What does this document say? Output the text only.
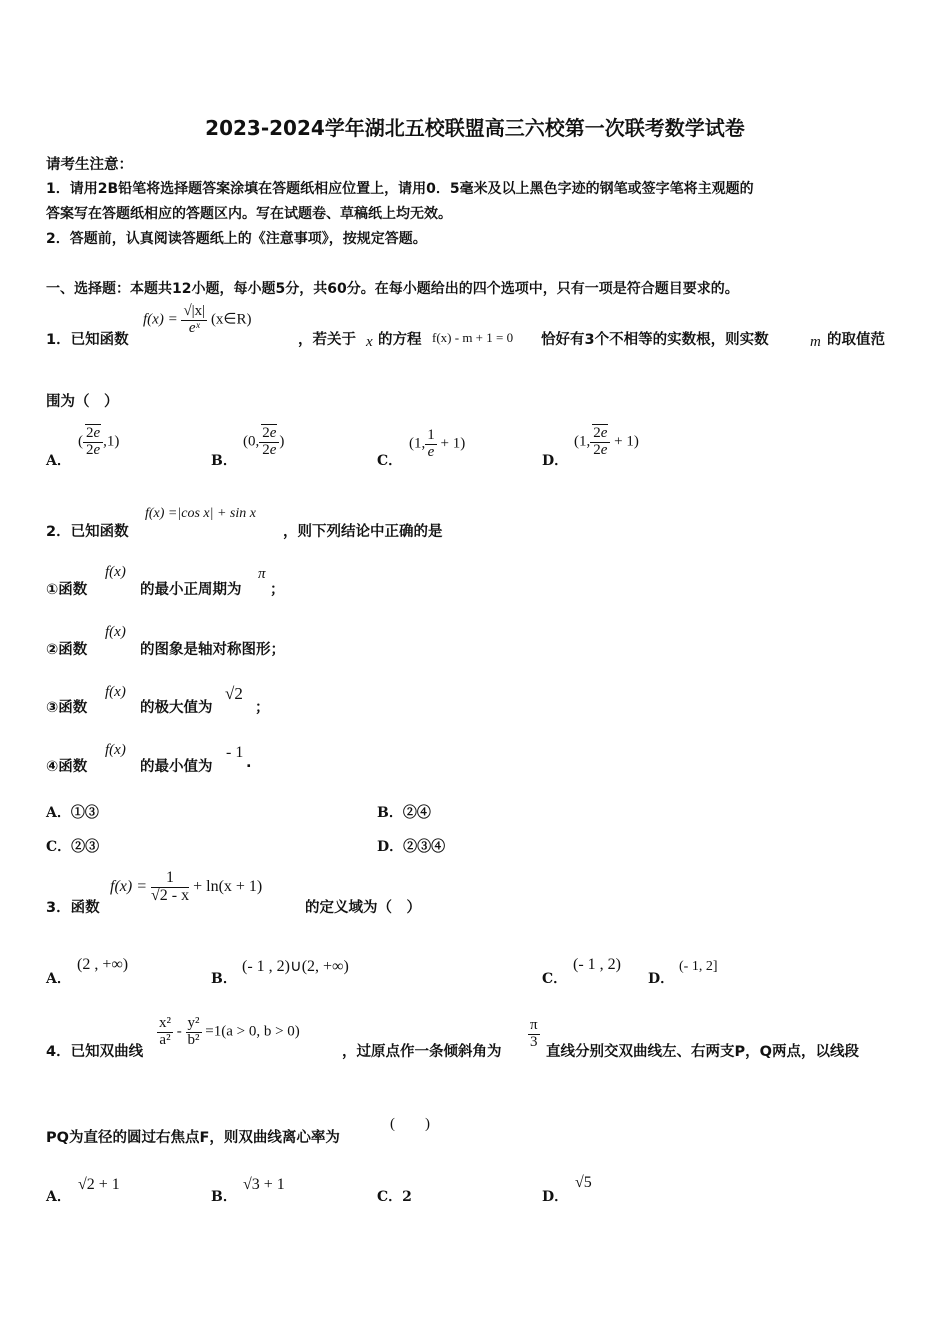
2023-2024学年湖北五校联盟高三六校第一次联考数学试卷
请考生注意：
1．请用2B铅笔将选择题答案涂填在答题纸相应位置上，请用0．5毫米及以上黑色字迹的钢笔或签字笔将主观题的
答案写在答题纸相应的答题区内。写在试题卷、草稿纸上均无效。
2．答题前，认真阅读答题纸上的《注意事项》，按规定答题。
一、选择题：本题共12小题，每小题5分，共60分。在每小题给出的四个选项中，只有一项是符合题目要求的。
1．已知函数
$f(x) = \frac{√|x|}{\text{eˣ}}$ (x∈R)
，若关于 x 的方程 f(x) - m + 1 = 0 恰好有3个不相等的实数根，则实数	m 的取值范
围为（　）
A．
( $\frac{2e}{2e} ,1$)
B．
(0, $\frac{2e}{2e}$ )
C．
(1, $\frac{1}{e} + 1$)
D．
(1, $\frac{2e}{2e} + 1$)
2．已知函数
f(x) =|cos x| + sin x
，则下列结论中正确的是
①函数
f(x)
的最小正周期为
π
；
②函数
f(x)
的图象是轴对称图形；
③函数
f(x)
的极大值为
√2
；
④函数
f(x)
的最小值为
- 1
.
A．①③	B．②④
C．②③	D．②③④
3．函数
$f(x) = \frac{1}{√2 - x} + \ln(x + 1)$
的定义域为（　）
A．
(2 , +∞)
B．
(- 1 , 2)∪(2, +∞)
C．
(- 1 , 2)
D．
(- 1, 2]
4．已知双曲线
$\frac{\text{x²}}{\text{a²}} - \frac{\text{y²}}{\text{b²}} =1(a > 0$, b > 0)
，过原点作一条倾斜角为
$\frac{\pi}{3}$
直线分别交双曲线左、右两支P，Q两点，以线段
PQ为直径的圆过右焦点F，则双曲线离心率为
(　　)
A．
√2 + 1
B．
√3 + 1
C．2	D．
√5
